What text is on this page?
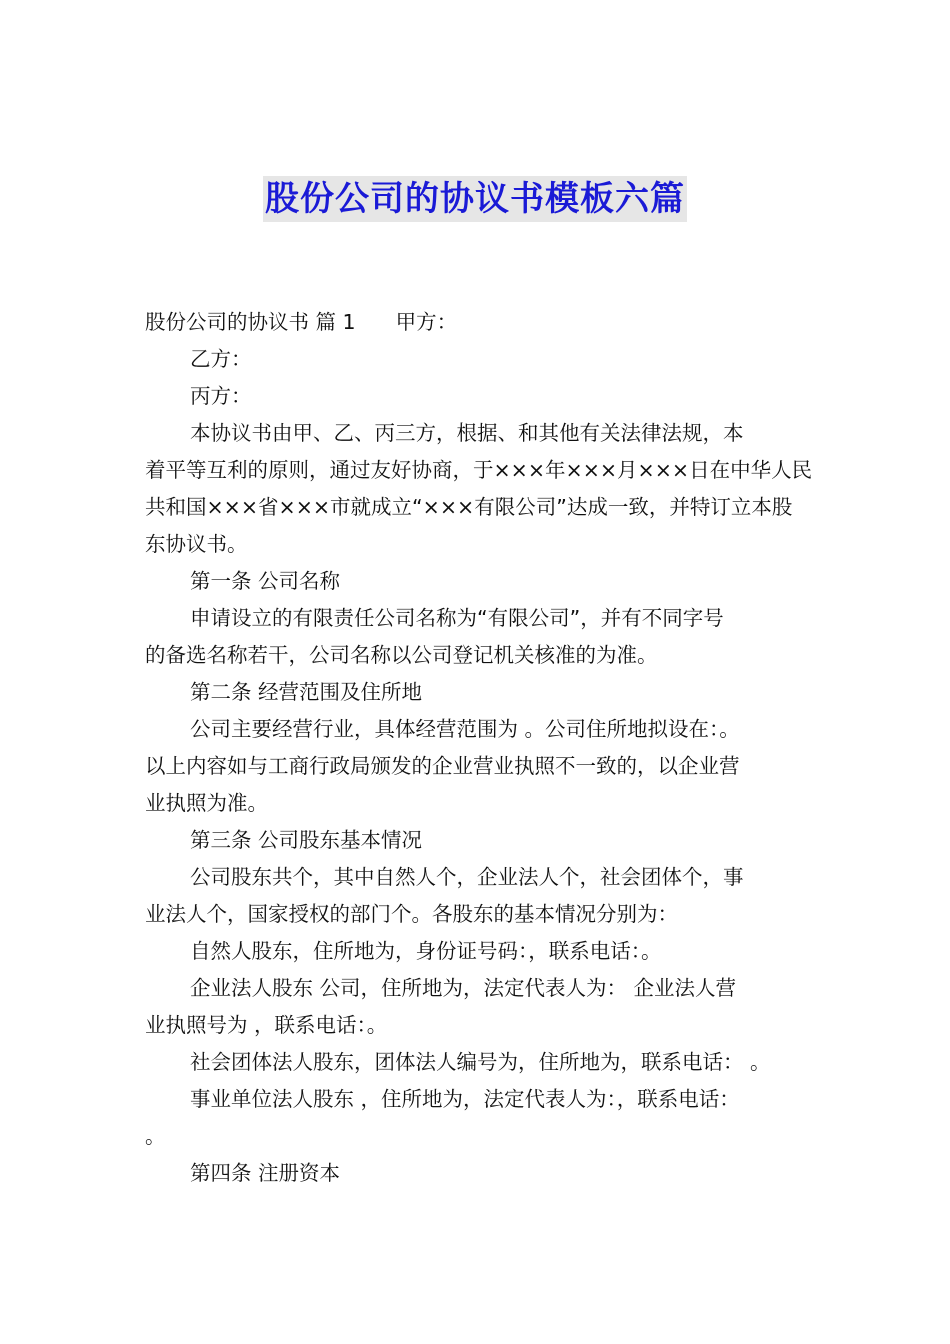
股份公司的协议书模板六篇
股份公司的协议书 篇 1 甲方：
乙方：
丙方：
本协议书由甲、乙、丙三方，根据、和其他有关法律法规，本
着平等互利的原则，通过友好协商，于×××年×××月×××日在中华人民
共和国×××省×××市就成立“×××有限公司”达成一致，并特订立本股
东协议书。
第一条 公司名称
申请设立的有限责任公司名称为“有限公司”，并有不同字号
的备选名称若干，公司名称以公司登记机关核准的为准。
第二条 经营范围及住所地
公司主要经营行业，具体经营范围为 。公司住所地拟设在：。
以上内容如与工商行政局颁发的企业营业执照不一致的，以企业营
业执照为准。
第三条 公司股东基本情况
公司股东共个，其中自然人个，企业法人个，社会团体个，事
业法人个，国家授权的部门个。各股东的基本情况分别为：
自然人股东，住所地为，身份证号码：，联系电话：。
企业法人股东 公司，住所地为，法定代表人为： 企业法人营
业执照号为 ，联系电话：。
社会团体法人股东，团体法人编号为，住所地为，联系电话： 。
事业单位法人股东 ，住所地为，法定代表人为：，联系电话：
。
第四条 注册资本
